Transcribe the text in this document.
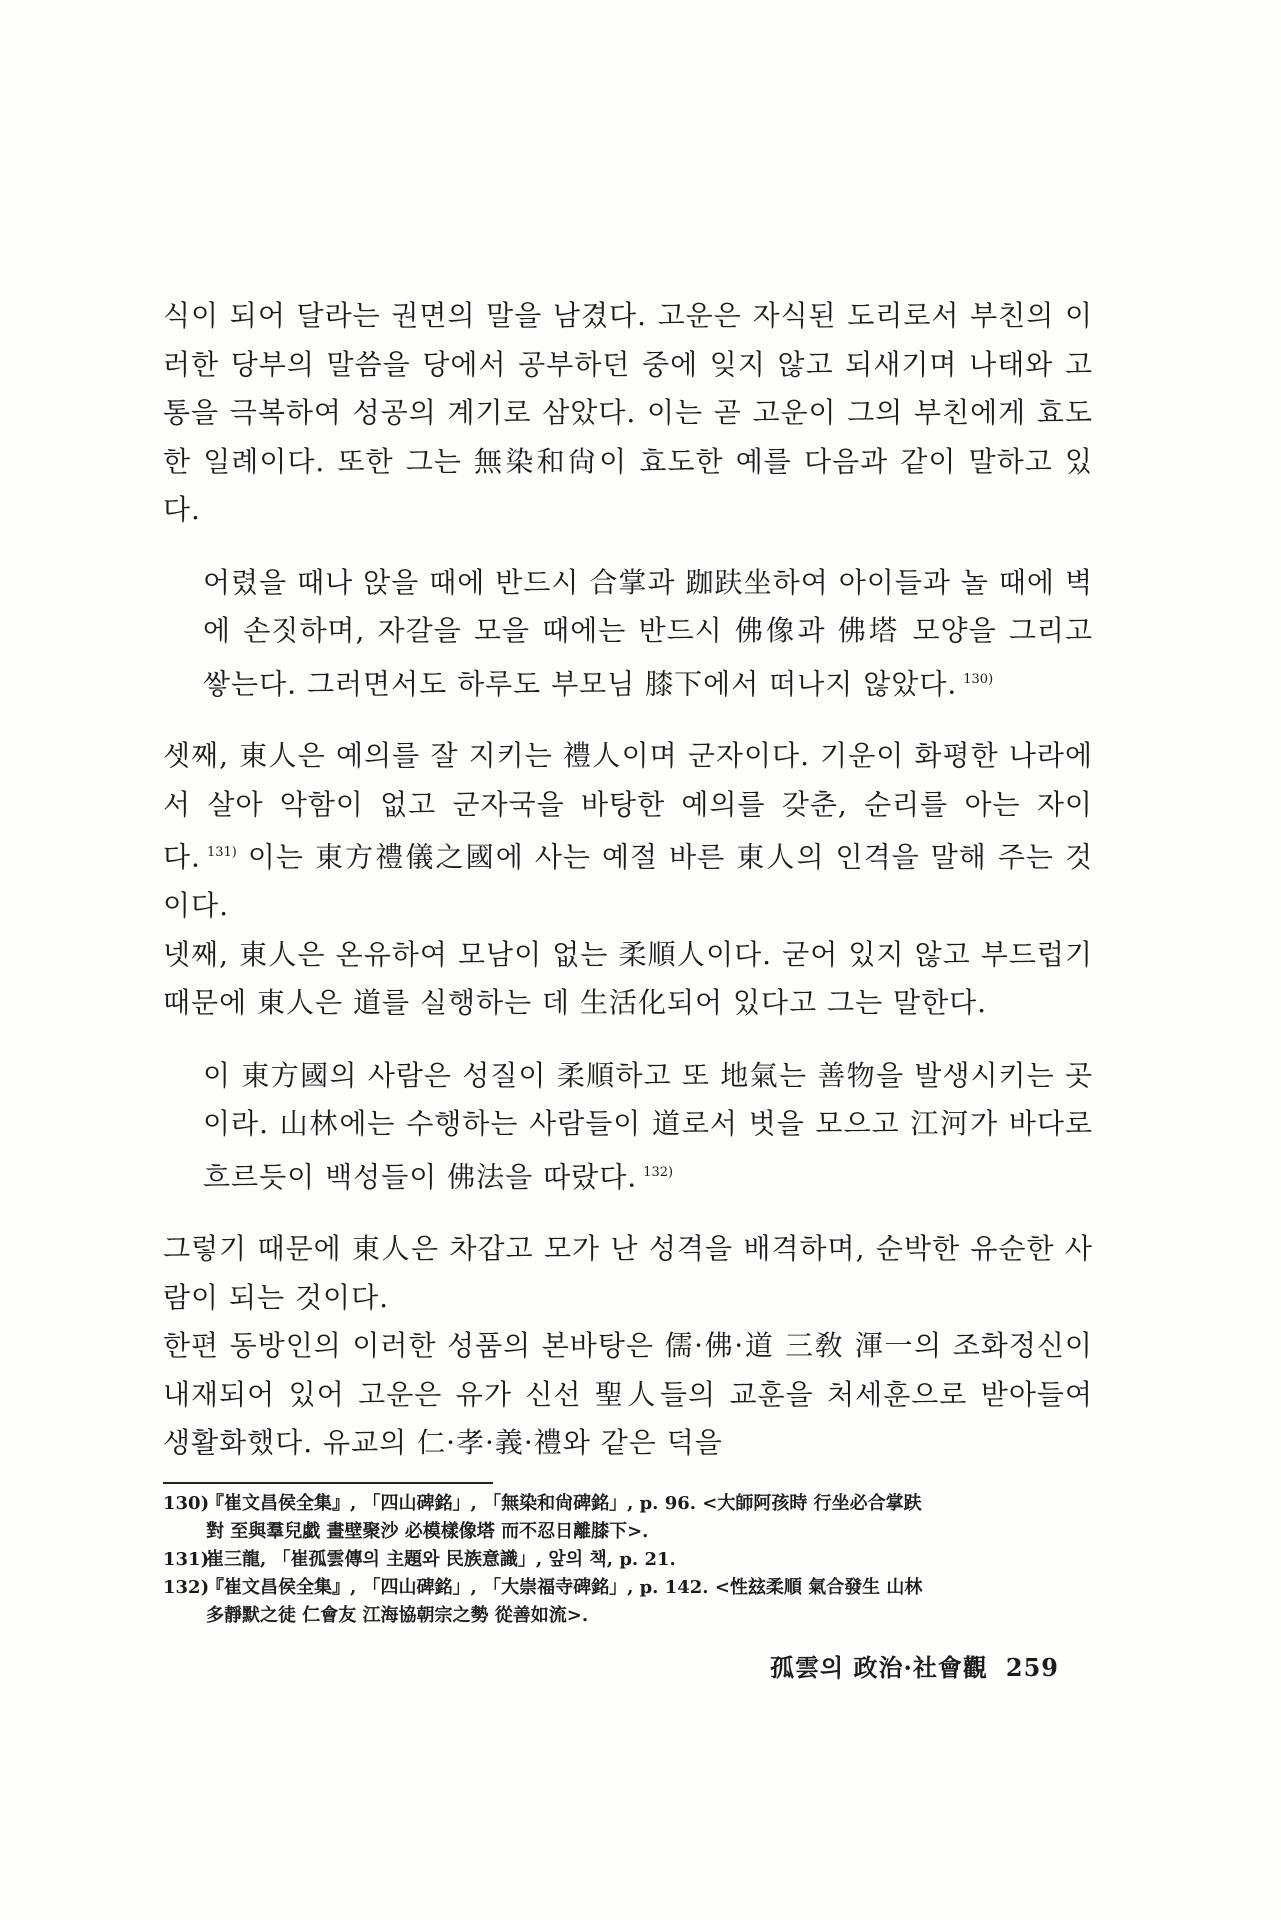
식이 되어 달라는 권면의 말을 남겼다. 고운은 자식된 도리로서 부친의 이러한 당부의 말씀을 당에서 공부하던 중에 잊지 않고 되새기며 나태와 고통을 극복하여 성공의 계기로 삼았다. 이는 곧 고운이 그의 부친에게 효도한 일례이다. 또한 그는 無染和尙이 효도한 예를 다음과 같이 말하고 있다.

어렸을 때나 앉을 때에 반드시 合掌과 跏趺坐하여 아이들과 놀 때에 벽에 손짓하며, 자갈을 모을 때에는 반드시 佛像과 佛塔 모양을 그리고 쌓는다. 그러면서도 하루도 부모님 膝下에서 떠나지 않았다. $^{130)}$

셋째, 東人은 예의를 잘 지키는 禮人이며 군자이다. 기운이 화평한 나라에서 살아 악함이 없고 군자국을 바탕한 예의를 갖춘, 순리를 아는 자이다. $^{131)}$ 이는 東方禮儀之國에 사는 예절 바른 東人의 인격을 말해 주는 것이다.

넷째, 東人은 온유하여 모남이 없는 柔順人이다. 굳어 있지 않고 부드럽기 때문에 東人은 道를 실행하는 데 生活化되어 있다고 그는 말한다.

이 東方國의 사람은 성질이 柔順하고 또 地氣는 善物을 발생시키는 곳이라. 山林에는 수행하는 사람들이 道로서 벗을 모으고 江河가 바다로 흐르듯이 백성들이 佛法을 따랐다. $^{132)}$

그렇기 때문에 東人은 차갑고 모가 난 성격을 배격하며, 순박한 유순한 사람이 되는 것이다.

한편 동방인의 이러한 성품의 본바탕은 儒·佛·道 三敎 渾一의 조화정신이 내재되어 있어 고운은 유가 신선 聖人들의 교훈을 처세훈으로 받아들여 생활화했다. 유교의 仁·孝·義·禮와 같은 덕을

130)
『崔文昌侯全集』, 「四山碑銘」, 「無染和尙碑銘」, p. 96. <大師阿孩時 行坐必合掌趺
對 至與羣兒戱 畫壁聚沙 必模樣像塔 而不忍日離膝下>.

131)
崔三龍, 「崔孤雲傳의 主題와 民族意識」, 앞의 책, p. 21.

132)
『崔文昌侯全集』, 「四山碑銘」, 「大崇福寺碑銘」, p. 142. <性玆柔順 氣合發生 山林
多靜默之徒 仁會友 江海協朝宗之勢 從善如流>.

孤雲의 政治·社會觀 259
